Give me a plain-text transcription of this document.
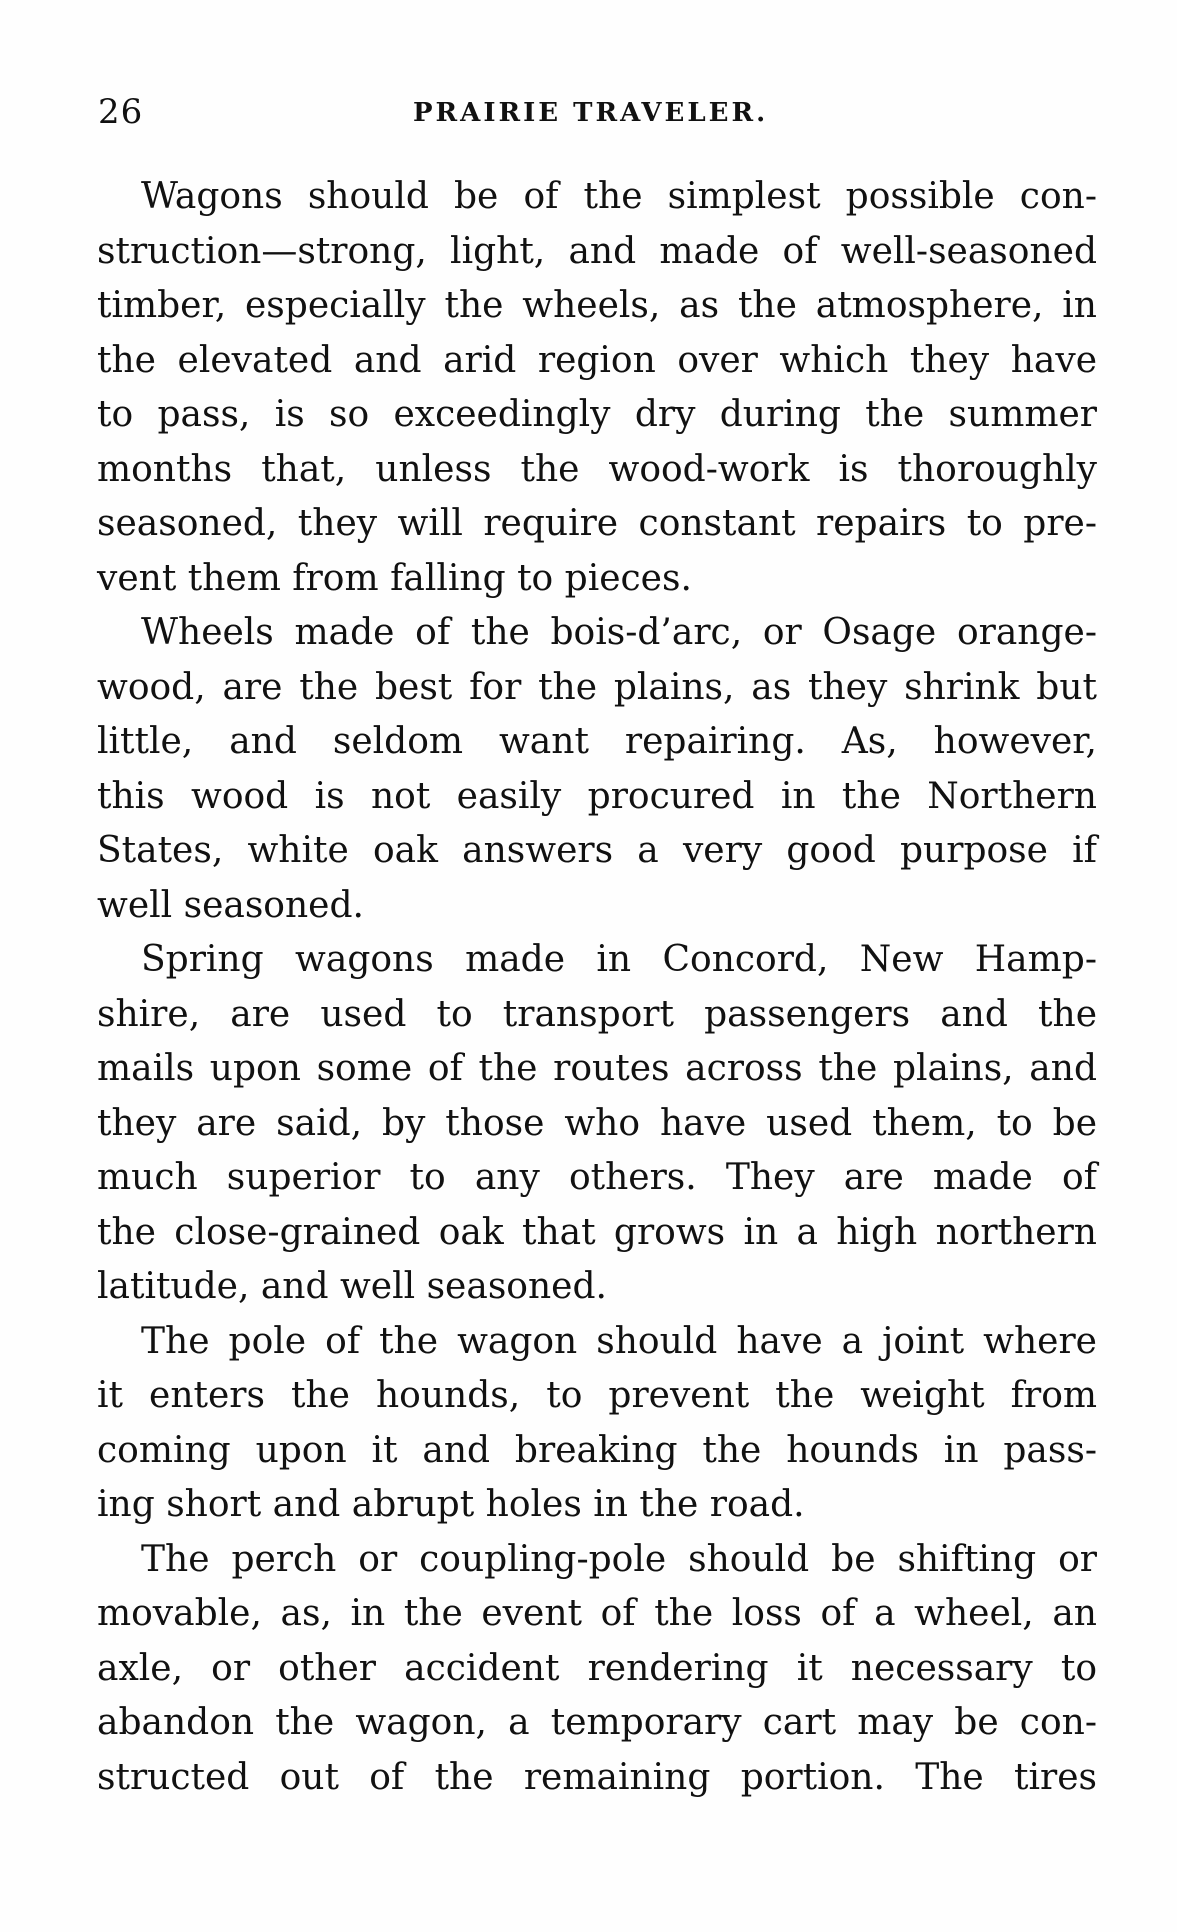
26	PRAIRIE TRAVELER.
Wagons should be of the simplest possible con-
struction—strong, light, and made of well-seasoned
timber, especially the wheels, as the atmosphere, in
the elevated and arid region over which they have
to pass, is so exceedingly dry during the summer
months that, unless the wood-work is thoroughly
seasoned, they will require constant repairs to pre-
vent them from falling to pieces.
Wheels made of the bois-d’arc, or Osage orange-
wood, are the best for the plains, as they shrink but
little, and seldom want repairing. As, however,
this wood is not easily procured in the Northern
States, white oak answers a very good purpose if
well seasoned.
Spring wagons made in Concord, New Hamp-
shire, are used to transport passengers and the
mails upon some of the routes across the plains, and
they are said, by those who have used them, to be
much superior to any others. They are made of
the close-grained oak that grows in a high northern
latitude, and well seasoned.
The pole of the wagon should have a joint where
it enters the hounds, to prevent the weight from
coming upon it and breaking the hounds in pass-
ing short and abrupt holes in the road.
The perch or coupling-pole should be shifting or
movable, as, in the event of the loss of a wheel, an
axle, or other accident rendering it necessary to
abandon the wagon, a temporary cart may be con-
structed out of the remaining portion. The tires
